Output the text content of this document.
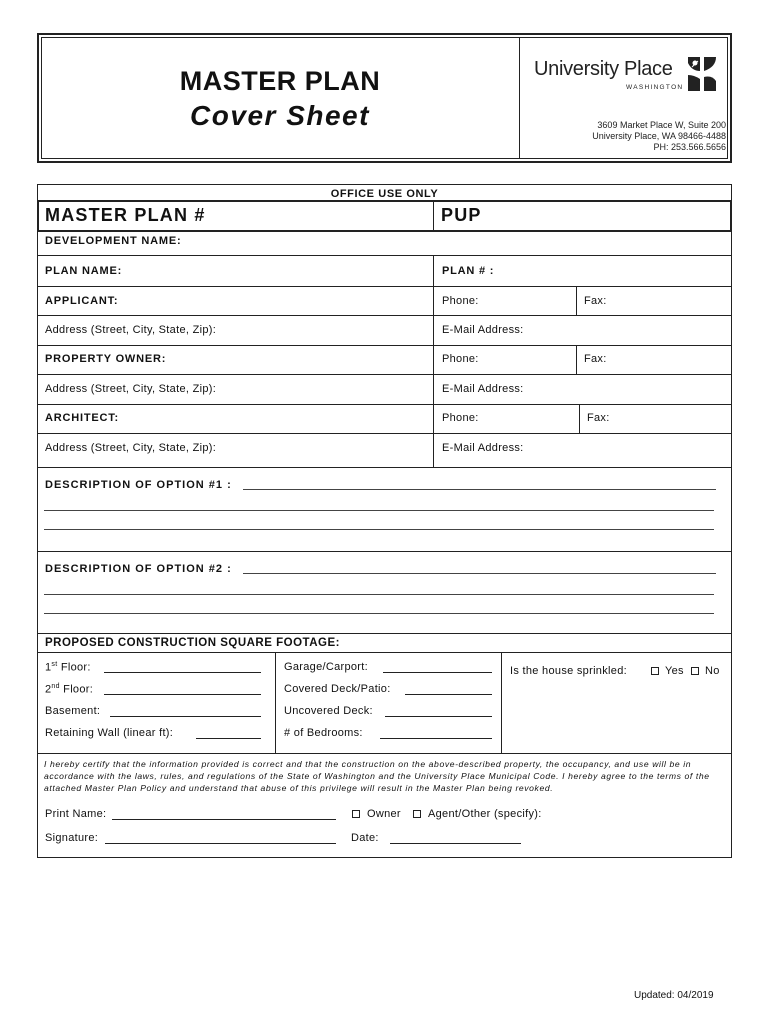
MASTER PLAN
Cover Sheet
University Place
WASHINGTON
3609 Market Place W, Suite 200
University Place, WA 98466-4488
PH: 253.566.5656
OFFICE USE ONLY
MASTER PLAN #	PUP
DEVELOPMENT NAME:
PLAN NAME:	PLAN # :
APPLICANT:	Phone:	Fax:
Address (Street, City, State, Zip):	E-Mail Address:
PROPERTY OWNER:	Phone:	Fax:
Address (Street, City, State, Zip):	E-Mail Address:
ARCHITECT:	Phone:	Fax:
Address (Street, City, State, Zip):	E-Mail Address:
DESCRIPTION OF OPTION #1 :
DESCRIPTION OF OPTION #2 :
PROPOSED CONSTRUCTION SQUARE FOOTAGE:
1st Floor:
2nd Floor:
Basement:
Retaining Wall (linear ft):
Garage/Carport:
Covered Deck/Patio:
Uncovered Deck:
# of Bedrooms:
Is the house sprinkled:	Yes No
I hereby certify that the information provided is correct and that the construction on the above-described property, the occupancy, and use will be in accordance with the laws, rules, and regulations of the State of Washington and the University Place Municipal Code. I hereby agree to the terms of the attached Master Plan Policy and understand that abuse of this privilege will result in the Master Plan being revoked.
Print Name:	Owner Agent/Other (specify):
Signature:	Date:
Updated: 04/2019
